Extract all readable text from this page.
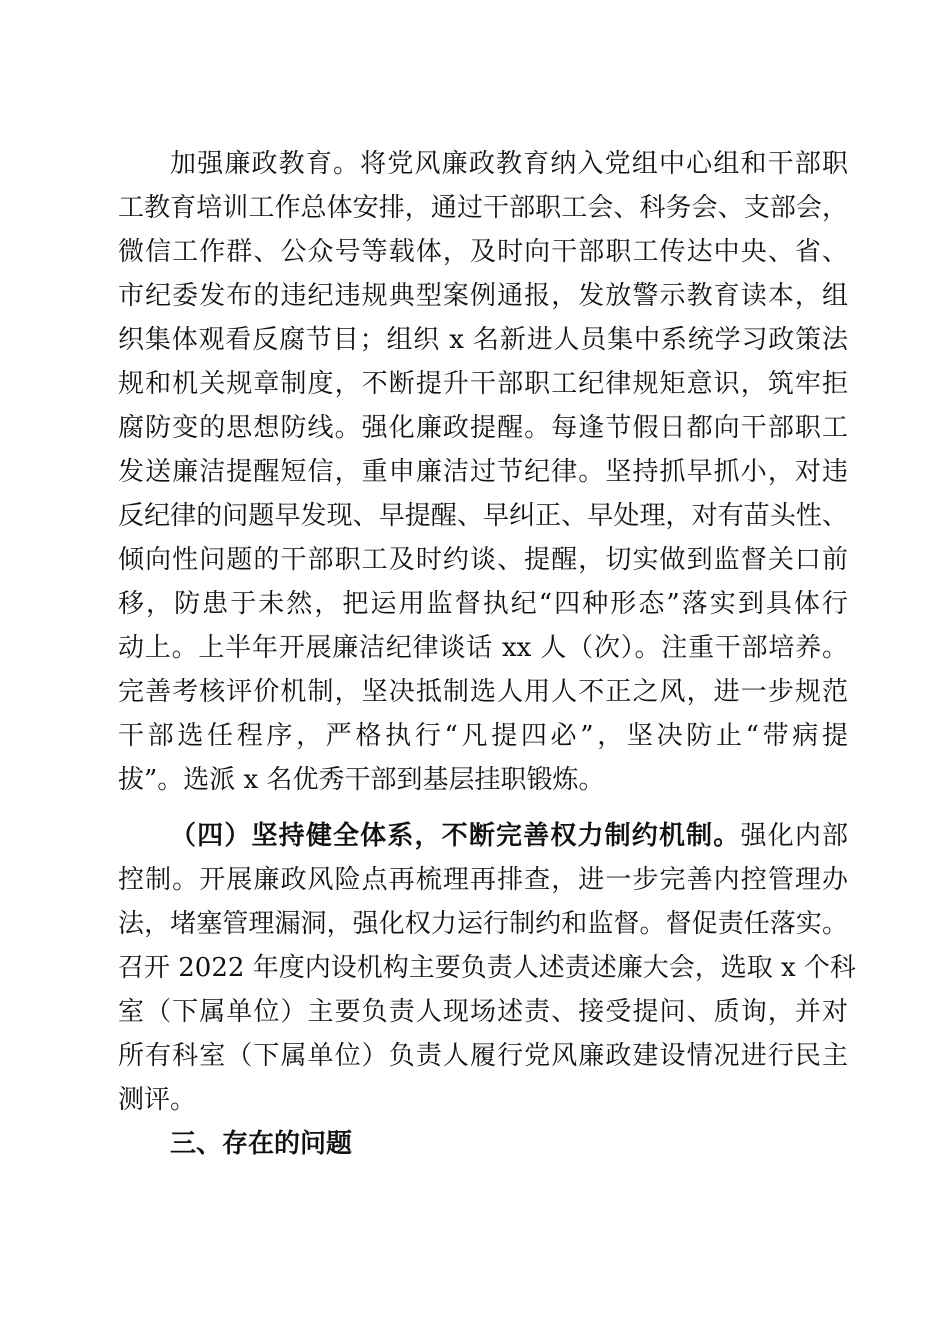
加强廉政教育。将党风廉政教育纳入党组中心组和干部职
工教育培训工作总体安排，通过干部职工会、科务会、支部会，
微信工作群、公众号等载体，及时向干部职工传达中央、省、
市纪委发布的违纪违规典型案例通报，发放警示教育读本，组
织集体观看反腐节目；组织 x 名新进人员集中系统学习政策法
规和机关规章制度，不断提升干部职工纪律规矩意识，筑牢拒
腐防变的思想防线。强化廉政提醒。每逢节假日都向干部职工
发送廉洁提醒短信，重申廉洁过节纪律。坚持抓早抓小，对违
反纪律的问题早发现、早提醒、早纠正、早处理，对有苗头性、
倾向性问题的干部职工及时约谈、提醒，切实做到监督关口前
移，防患于未然，把运用监督执纪“四种形态”落实到具体行
动上。上半年开展廉洁纪律谈话 xx 人（次）。注重干部培养。
完善考核评价机制，坚决抵制选人用人不正之风，进一步规范
干部选任程序，严格执行“凡提四必”，坚决防止“带病提
拔”。选派 x 名优秀干部到基层挂职锻炼。
（四）坚持健全体系，不断完善权力制约机制。强化内部
控制。开展廉政风险点再梳理再排查，进一步完善内控管理办
法，堵塞管理漏洞，强化权力运行制约和监督。督促责任落实。
召开 2022 年度内设机构主要负责人述责述廉大会，选取 x 个科
室（下属单位）主要负责人现场述责、接受提问、质询，并对
所有科室（下属单位）负责人履行党风廉政建设情况进行民主
测评。
三、存在的问题
